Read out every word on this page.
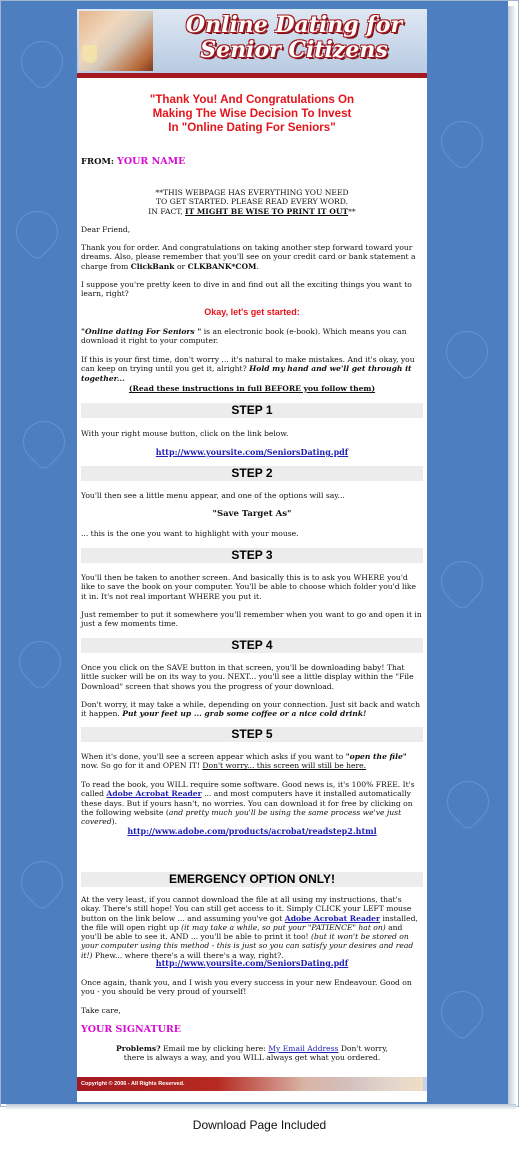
Online Dating for
Senior Citizens
"Thank You! And Congratulations On
Making The Wise Decision To Invest
In "Online Dating For Seniors"

FROM: YOUR NAME

**THIS WEBPAGE HAS EVERYTHING YOU NEED
TO GET STARTED. PLEASE READ EVERY WORD.
IN FACT, IT MIGHT BE WISE TO PRINT IT OUT**

Dear Friend,

Thank you for order. And congratulations on taking another step forward toward your dreams. Also, please remember that you'll see on your credit card or bank statement a charge from ClickBank or CLKBANK*COM.

I suppose you're pretty keen to dive in and find out all the exciting things you want to learn, right?

Okay, let's get started:

"Online dating For Seniors " is an electronic book (e-book). Which means you can download it right to your computer.

If this is your first time, don't worry ... it's natural to make mistakes. And it's okay, you can keep on trying until you get it, alright? Hold my hand and we'll get through it together...

(Read these instructions in full BEFORE you follow them)

STEP 1

With your right mouse button, click on the link below.

http://www.yoursite.com/SeniorsDating.pdf

STEP 2

You'll then see a little menu appear, and one of the options will say...

"Save Target As"

... this is the one you want to highlight with your mouse.

STEP 3

You'll then be taken to another screen. And basically this is to ask you WHERE you'd like to save the book on your computer. You'll be able to choose which folder you'd like it in. It's not real important WHERE you put it.

Just remember to put it somewhere you'll remember when you want to go and open it in just a few moments time.

STEP 4

Once you click on the SAVE button in that screen, you'll be downloading baby! That little sucker will be on its way to you. NEXT... you'll see a little display within the "File Download" screen that shows you the progress of your download.

Don't worry, it may take a while, depending on your connection. Just sit back and watch it happen. Put your feet up ... grab some coffee or a nice cold drink!

STEP 5

When it's done, you'll see a screen appear which asks if you want to "open the file" now. So go for it and OPEN IT! Don't worry... this screen will still be here.

To read the book, you WILL require some software. Good news is, it's 100% FREE. It's called Adobe Acrobat Reader ... and most computers have it installed automatically these days. But if yours hasn't, no worries. You can download it for free by clicking on the following website (and pretty much you'll be using the same process we've just covered).

http://www.adobe.com/products/acrobat/readstep2.html

EMERGENCY OPTION ONLY!

At the very least, if you cannot download the file at all using my instructions, that's okay. There's still hope! You can still get access to it. Simply CLICK your LEFT mouse button on the link below ... and assuming you've got Adobe Acrobat Reader installed, the file will open right up (it may take a while, so put your "PATIENCE" hat on) and you'll be able to see it. AND ... you'll be able to print it too! (but it won't be stored on your computer using this method - this is just so you can satisfy your desires and read it!) Phew... where there's a will there's a way, right?.

http://www.yoursite.com/SeniorsDating.pdf

Once again, thank you, and I wish you every success in your new Endeavour. Good on you - you should be very proud of yourself!

Take care,

YOUR SIGNATURE

Problems? Email me by clicking here: My Email Address Don't worry,
there is always a way, and you WILL always get what you ordered.
Copyright © 2006 - All Rights Reserved.
Download Page Included
